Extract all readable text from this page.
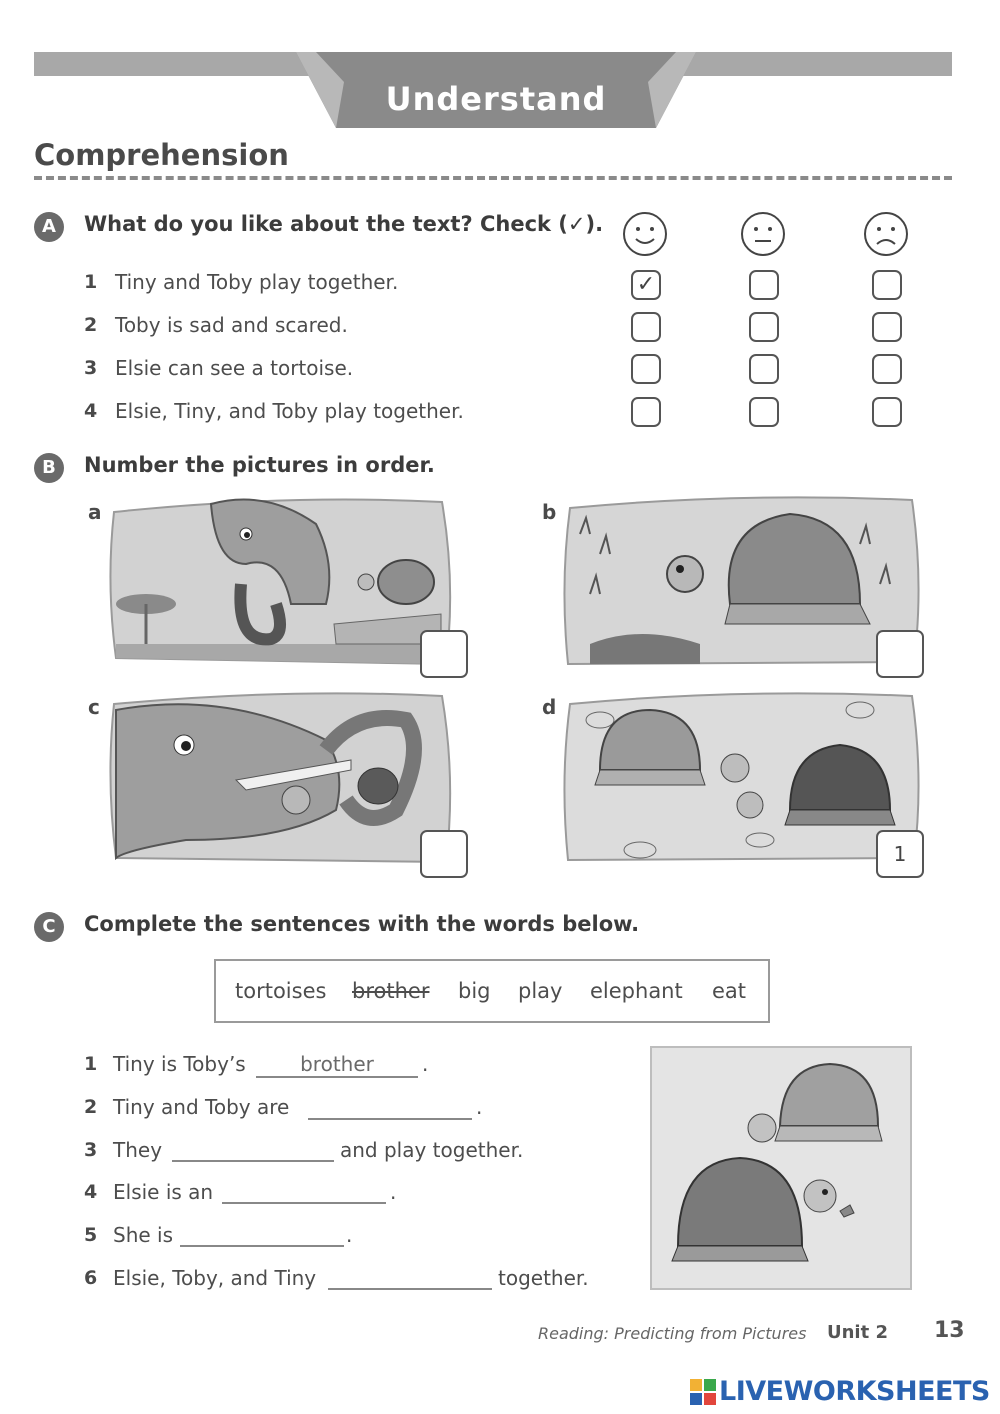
Understand
Comprehension
A	What do you like about the text? Check (✓).
1 Tiny and Toby play together.	✓
2 Toby is sad and scared.
3 Elsie can see a tortoise.
4 Elsie, Tiny, and Toby play together.
B	Number the pictures in order.
a	b
c	d
1
C	Complete the sentences with the words below.
tortoises brother big play elephant eat
1 Tiny is Toby’s	brother	.
2 Tiny and Toby are	.
3 They	and play together.
4 Elsie is an	.
5 She is	.
6 Elsie, Toby, and Tiny	together.
Reading: Predicting from Pictures Unit 2 13
LIVEWORKSHEETS
